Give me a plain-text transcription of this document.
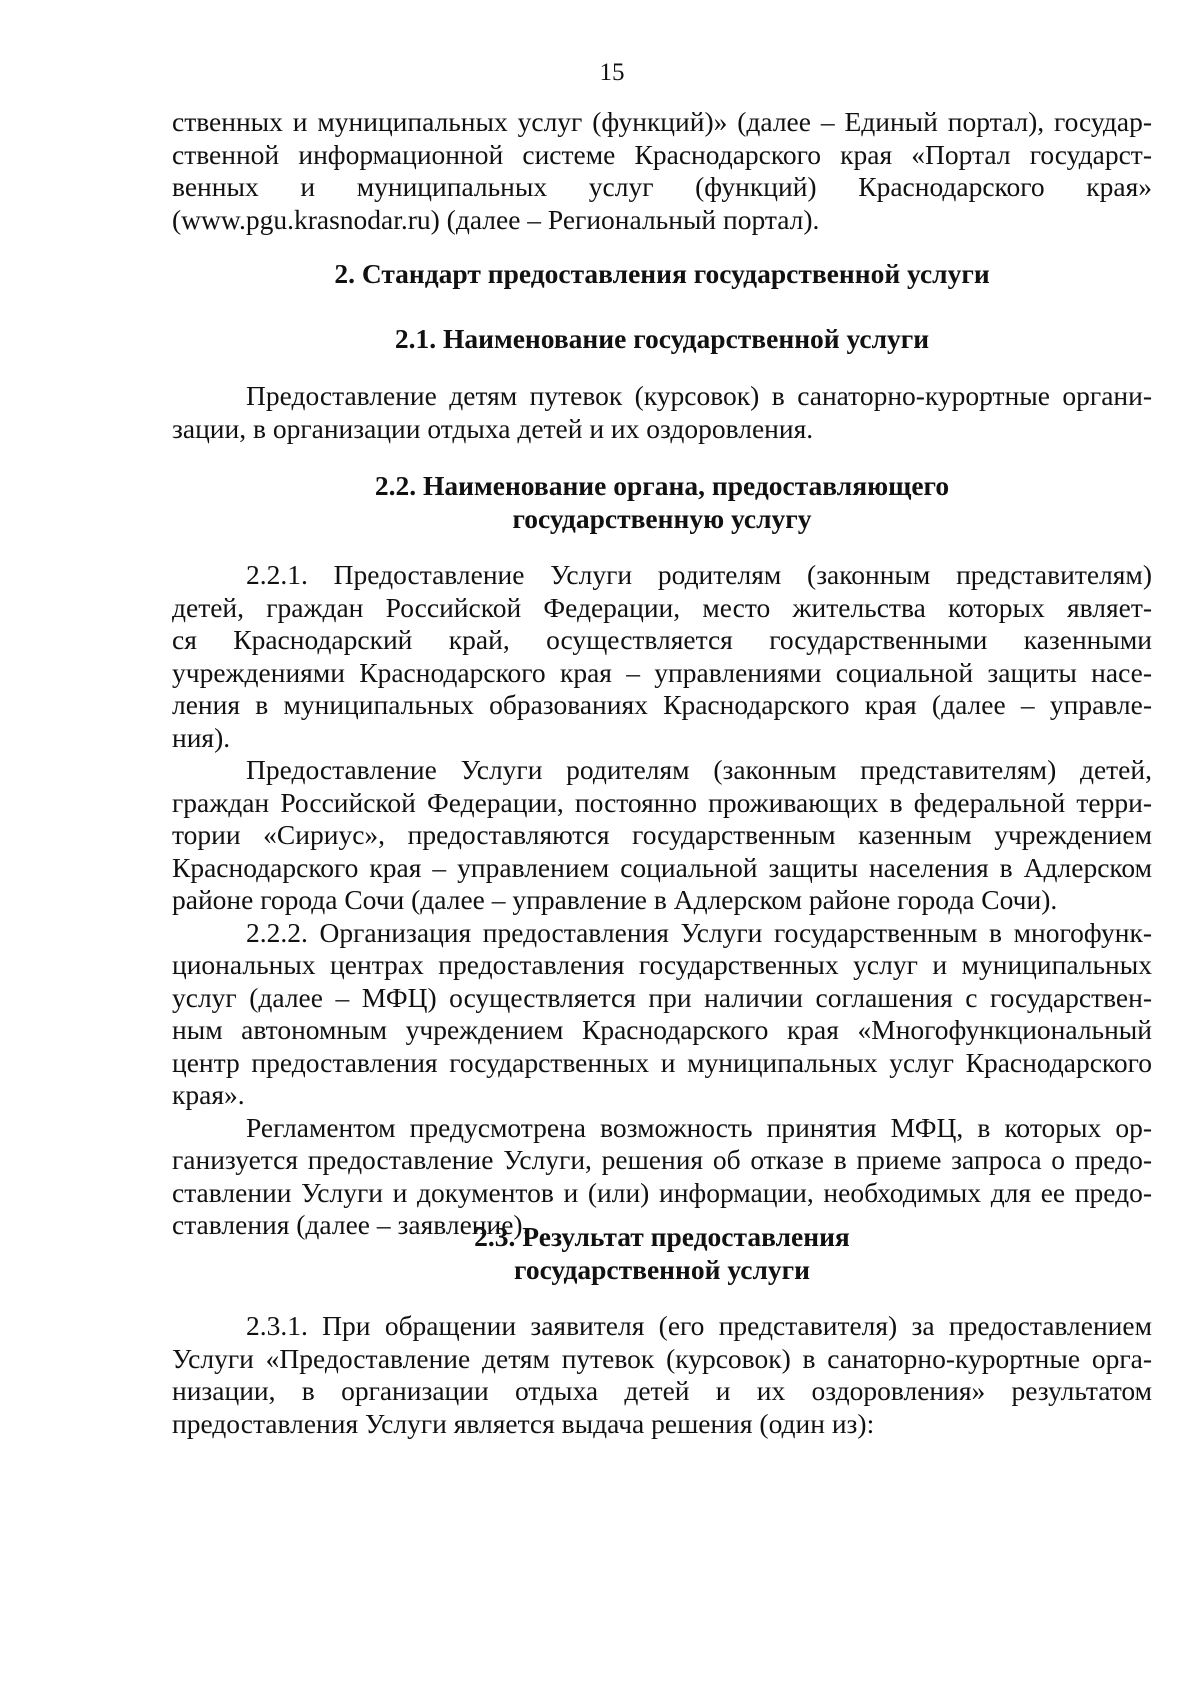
15
ственных и муниципальных услуг (функций)» (далее – Единый портал), государ-
ственной информационной системе Краснодарского края «Портал государст-
венных и муниципальных услуг (функций) Краснодарского края»
(www.pgu.krasnodar.ru) (далее – Региональный портал).
2. Стандарт предоставления государственной услуги
2.1. Наименование государственной услуги
Предоставление детям путевок (курсовок) в санаторно-курортные органи-
зации, в организации отдыха детей и их оздоровления.
2.2. Наименование органа, предоставляющего
государственную услугу
2.2.1. Предоставление Услуги родителям (законным представителям)
детей, граждан Российской Федерации, место жительства которых являет-
ся Краснодарский край, осуществляется государственными казенными
учреждениями Краснодарского края – управлениями социальной защиты насе-
ления в муниципальных образованиях Краснодарского края (далее – управле-
ния).
Предоставление Услуги родителям (законным представителям) детей,
граждан Российской Федерации, постоянно проживающих в федеральной терри-
тории «Сириус», предоставляются государственным казенным учреждением
Краснодарского края – управлением социальной защиты населения в Адлерском
районе города Сочи (далее – управление в Адлерском районе города Сочи).
2.2.2. Организация предоставления Услуги государственным в многофунк-
циональных центрах предоставления государственных услуг и муниципальных
услуг (далее – МФЦ) осуществляется при наличии соглашения с государствен-
ным автономным учреждением Краснодарского края «Многофункциональный
центр предоставления государственных и муниципальных услуг Краснодарского
края».
Регламентом предусмотрена возможность принятия МФЦ, в которых ор-
ганизуется предоставление Услуги, решения об отказе в приеме запроса о предо-
ставлении Услуги и документов и (или) информации, необходимых для ее предо-
ставления (далее – заявление).
2.3. Результат предоставления
государственной услуги
2.3.1. При обращении заявителя (его представителя) за предоставлением
Услуги «Предоставление детям путевок (курсовок) в санаторно-курортные орга-
низации, в организации отдыха детей и их оздоровления» результатом
предоставления Услуги является выдача решения (один из):
